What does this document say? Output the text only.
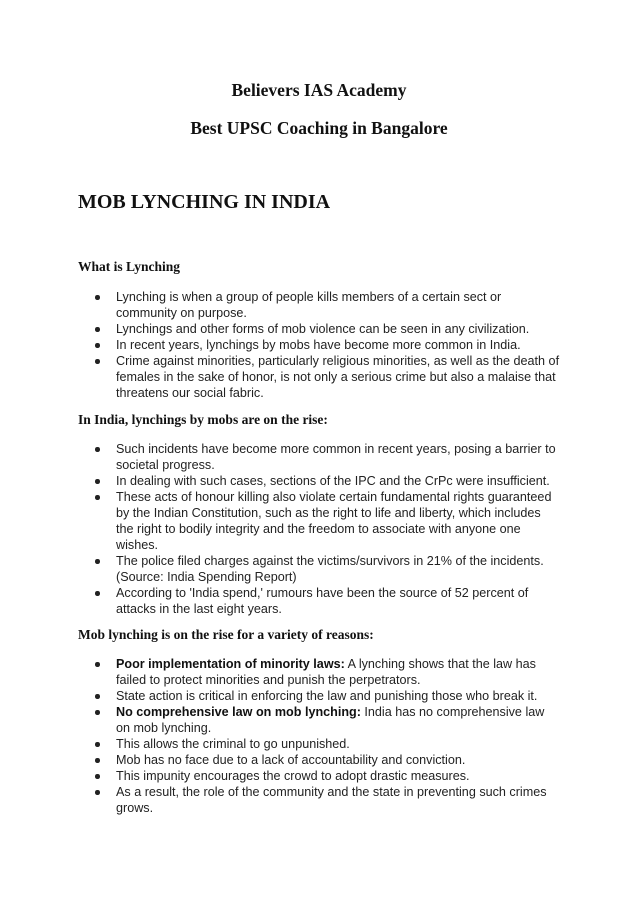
Believers IAS Academy
Best UPSC Coaching in Bangalore
MOB LYNCHING IN INDIA
What is Lynching
Lynching is when a group of people kills members of a certain sect or community on purpose.
Lynchings and other forms of mob violence can be seen in any civilization.
In recent years, lynchings by mobs have become more common in India.
Crime against minorities, particularly religious minorities, as well as the death of females in the sake of honor, is not only a serious crime but also a malaise that threatens our social fabric.
In India, lynchings by mobs are on the rise:
Such incidents have become more common in recent years, posing a barrier to societal progress.
In dealing with such cases, sections of the IPC and the CrPc were insufficient.
These acts of honour killing also violate certain fundamental rights guaranteed by the Indian Constitution, such as the right to life and liberty, which includes the right to bodily integrity and the freedom to associate with anyone one wishes.
The police filed charges against the victims/survivors in 21% of the incidents. (Source: India Spending Report)
According to 'India spend,' rumours have been the source of 52 percent of attacks in the last eight years.
Mob lynching is on the rise for a variety of reasons:
Poor implementation of minority laws: A lynching shows that the law has failed to protect minorities and punish the perpetrators.
State action is critical in enforcing the law and punishing those who break it.
No comprehensive law on mob lynching: India has no comprehensive law on mob lynching.
This allows the criminal to go unpunished.
Mob has no face due to a lack of accountability and conviction.
This impunity encourages the crowd to adopt drastic measures.
As a result, the role of the community and the state in preventing such crimes grows.
